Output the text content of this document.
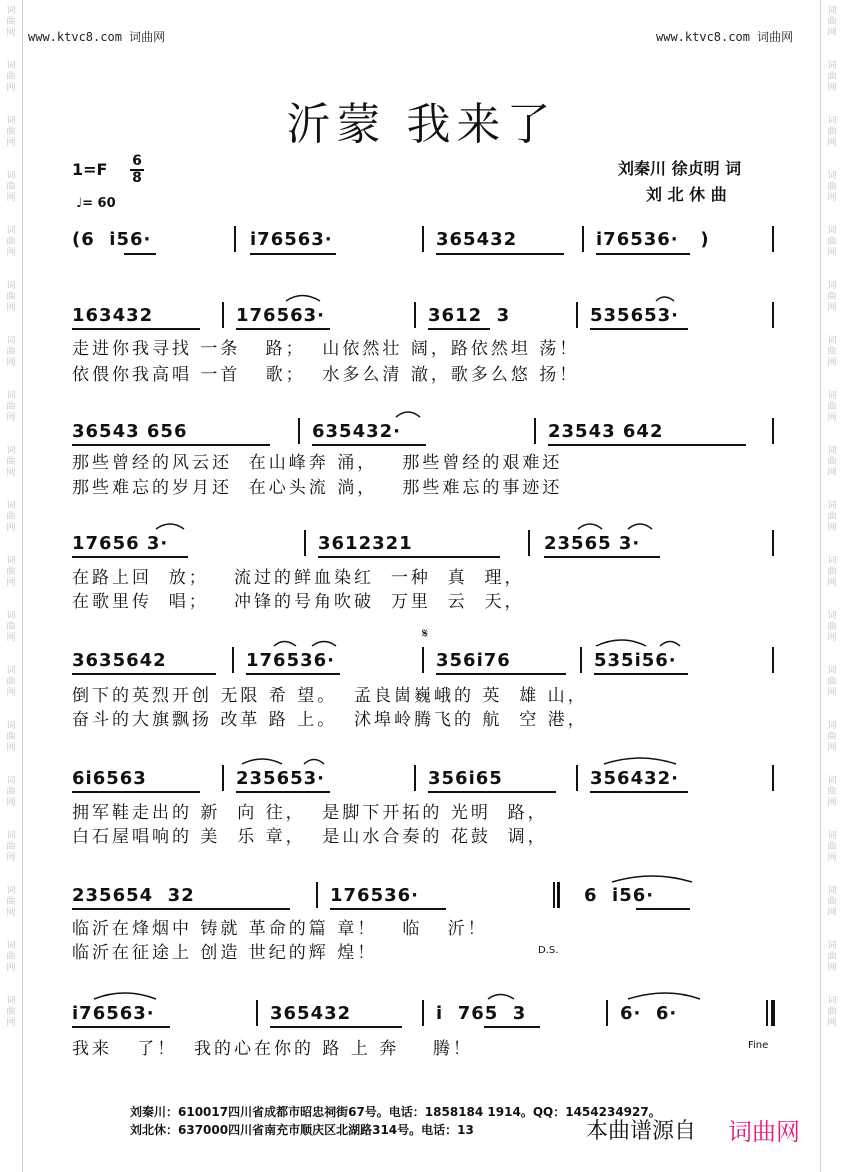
词
曲
网

词
曲
网

词
曲
网

词
曲
网

词
曲
网

词
曲
网

词
曲
网

词
曲
网

词
曲
网

词
曲
网

词
曲
网

词
曲
网

词
曲
网

词
曲
网

词
曲
网

词
曲
网

词
曲
网

词
曲
网

词
曲
网
词
曲
网

词
曲
网

词
曲
网

词
曲
网

词
曲
网

词
曲
网

词
曲
网

词
曲
网

词
曲
网

词
曲
网

词
曲
网

词
曲
网

词
曲
网

词
曲
网

词
曲
网

词
曲
网

词
曲
网

词
曲
网

词
曲
网
www.ktvc8.com 词曲网	www.ktvc8.com 词曲网
沂蒙 我来了
1=F 6
8
♩= 60
刘秦川 徐贞明 词
刘 北 休 曲
(6  i56·	i76563·	365432	i76536·   )
163432	176563·	3612  3	535653·
走进你我寻找 一条   路；  山依然壮 阔，路依然坦 荡！
依偎你我高唱 一首   歌；  水多么清 澈，歌多么悠 扬！
36543 656	635432·	23543 642
那些曾经的风云还  在山峰奔 涌，   那些曾经的艰难还
那些难忘的岁月还  在心头流 淌，   那些难忘的事迹还
17656 3·	3612321	23565 3·
在路上回  放；   流过的鲜血染红  一种  真  理，
在歌里传  唱；   冲锋的号角吹破  万里  云  天，
𝄋
3635642	176536·	356i76	535i56·
倒下的英烈开创 无限 希 望。  孟良崮巍峨的 英  雄 山，
奋斗的大旗飘扬 改革 路 上。  沭埠岭腾飞的 航  空 港，
6i6563	235653·	356i65	356432·
拥军鞋走出的 新  向 往，  是脚下开拓的 光明  路，
白石屋唱响的 美  乐 章，  是山水合奏的 花鼓  调，
235654  32	176536·	6  i56·
临沂在烽烟中 铸就 革命的篇 章！   临   沂！
临沂在征途上 创造 世纪的辉 煌！	D.S.
i76563·	365432	i  765  3	6·  6·
我来   了！  我的心在你的 路 上 奔    腾！	Fine
刘秦川：610017四川省成都市昭忠祠街67号。电话：1858184 1914。QQ：1454234927。
刘北休：637000四川省南充市顺庆区北湖路314号。电话：13	本曲谱源自 词曲网
